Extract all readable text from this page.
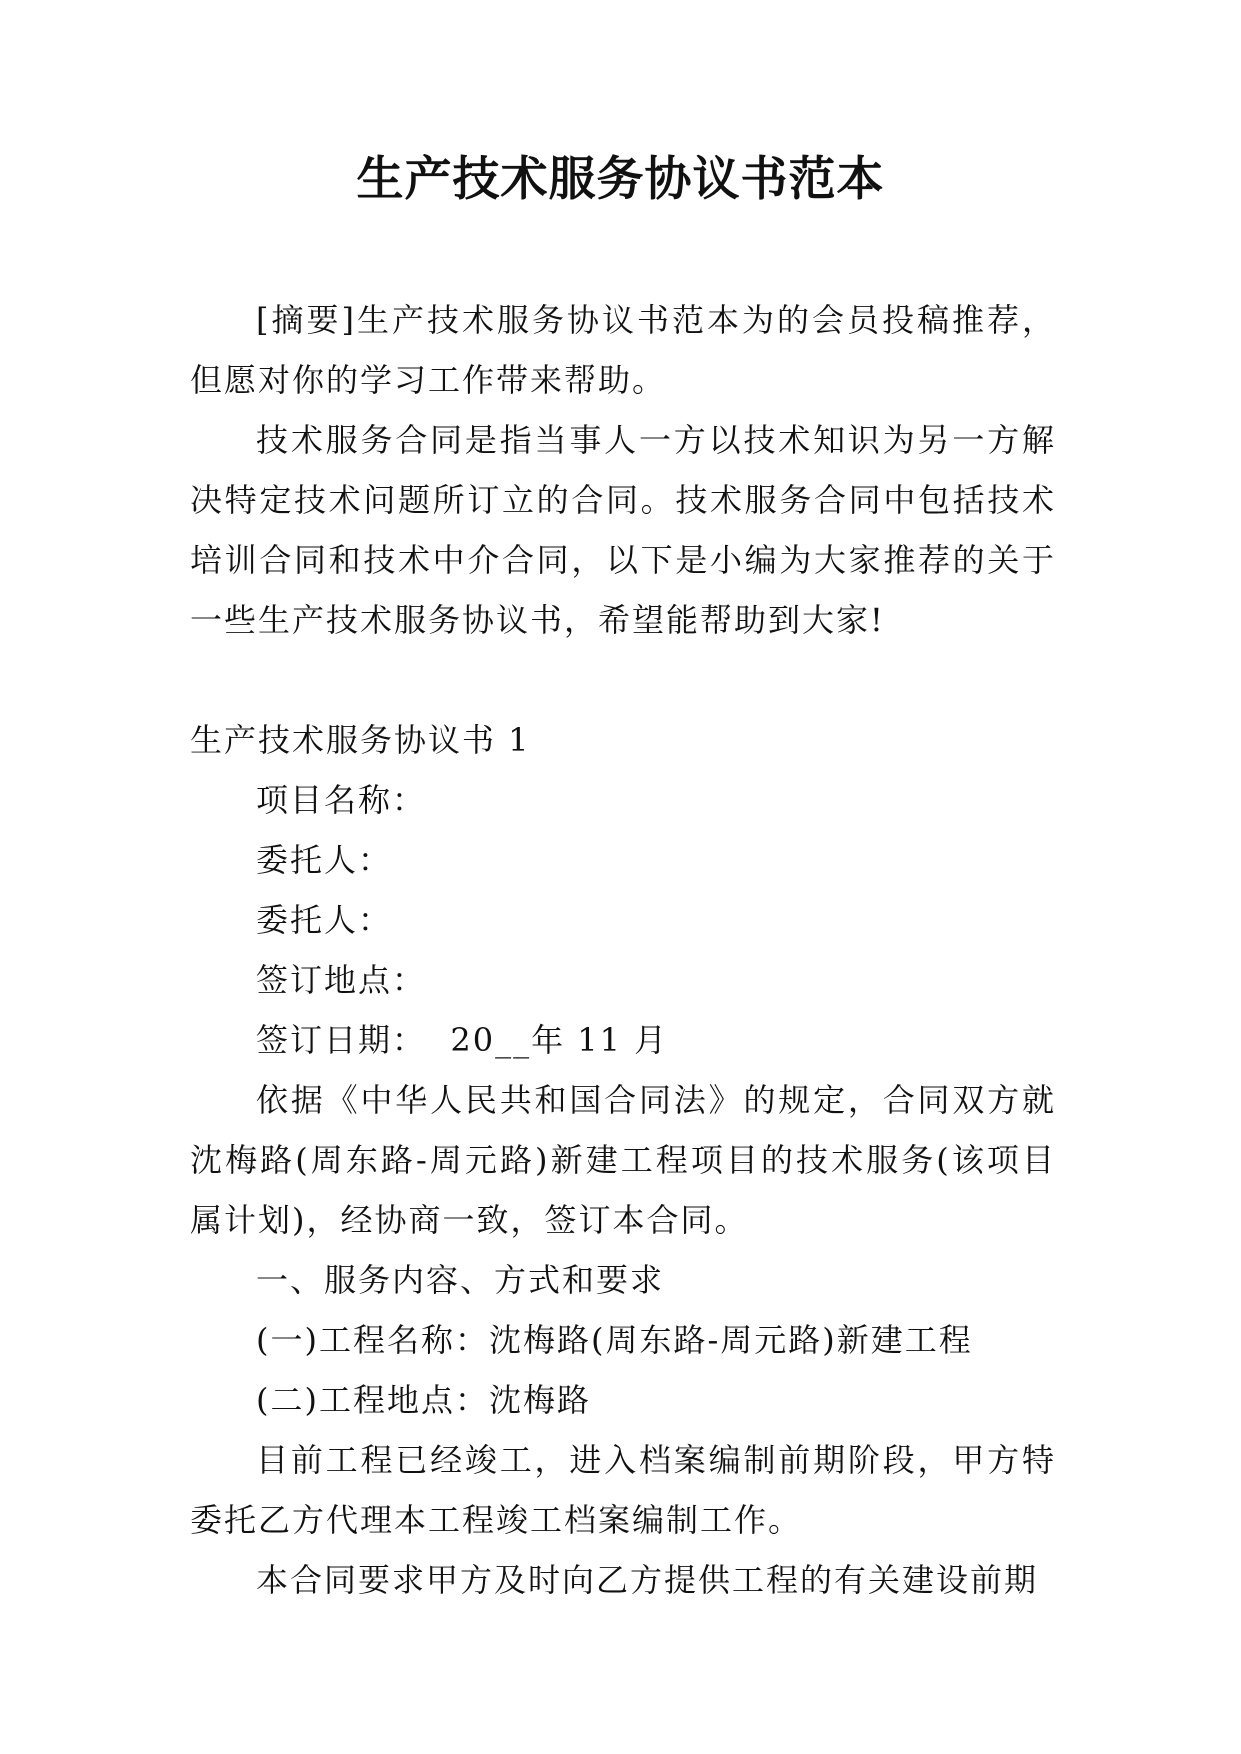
生产技术服务协议书范本

[摘要]生产技术服务协议书范本为的会员投稿推荐，但愿对你的学习工作带来帮助。

技术服务合同是指当事人一方以技术知识为另一方解决特定技术问题所订立的合同。技术服务合同中包括技术培训合同和技术中介合同，以下是小编为大家推荐的关于一些生产技术服务协议书，希望能帮助到大家!

生产技术服务协议书 1

项目名称：

委托人：

委托人：

签订地点：

签订日期：  20__年 11 月

依据《中华人民共和国合同法》的规定，合同双方就沈梅路(周东路-周元路)新建工程项目的技术服务(该项目属计划)，经协商一致，签订本合同。

一、服务内容、方式和要求

(一)工程名称：沈梅路(周东路-周元路)新建工程

(二)工程地点：沈梅路

目前工程已经竣工，进入档案编制前期阶段，甲方特委托乙方代理本工程竣工档案编制工作。

本合同要求甲方及时向乙方提供工程的有关建设前期
